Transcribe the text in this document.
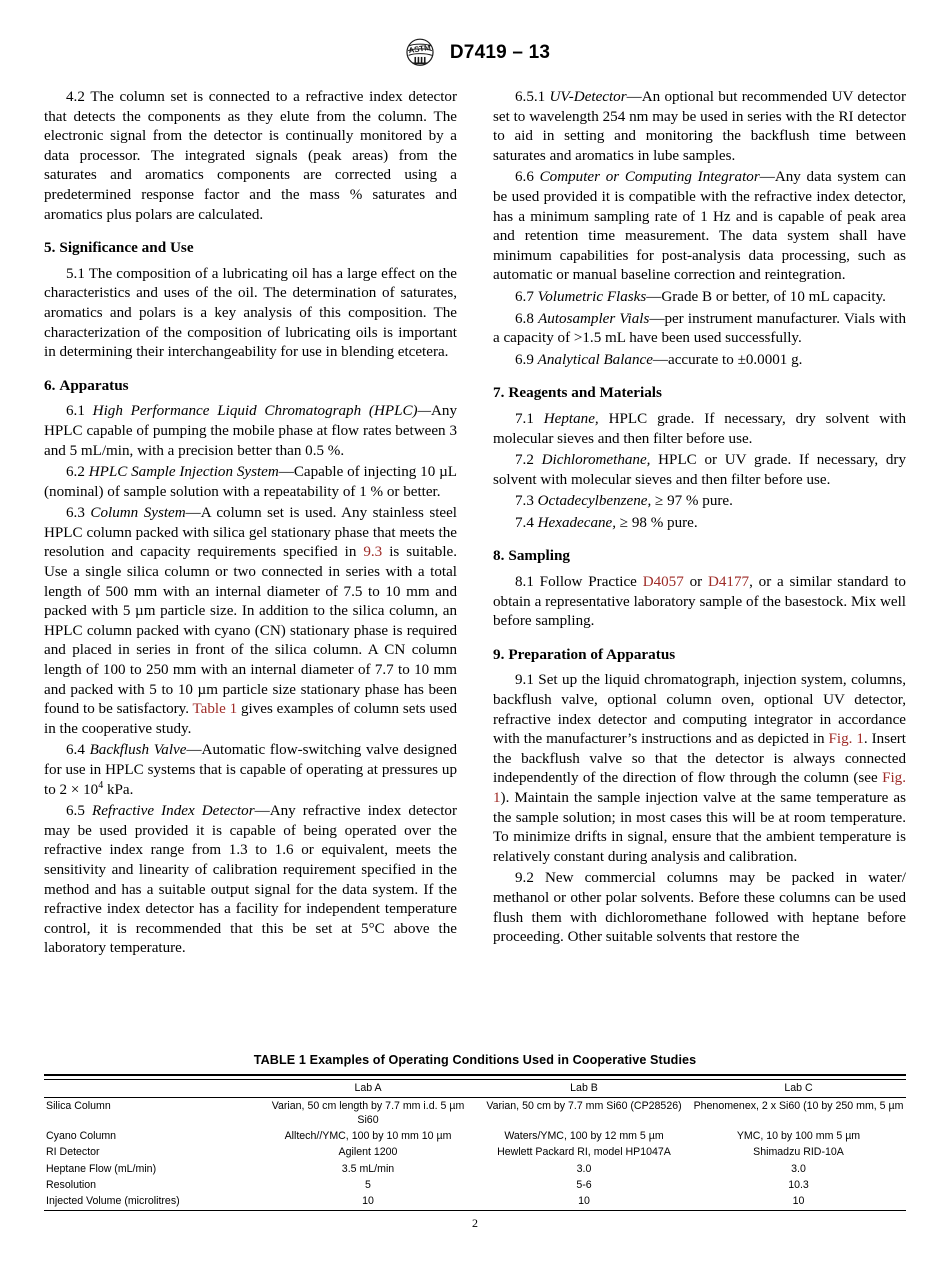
ASTM D7419 – 13

4.2 The column set is connected to a refractive index detector that detects the components as they elute from the column. The electronic signal from the detector is continually monitored by a data processor. The integrated signals (peak areas) from the saturates and aromatics components are corrected using a predetermined response factor and the mass % saturates and aromatics plus polars are calculated.

5. Significance and Use

5.1 The composition of a lubricating oil has a large effect on the characteristics and uses of the oil. The determination of saturates, aromatics and polars is a key analysis of this composition. The characterization of the composition of lubricating oils is important in determining their interchangeability for use in blending etcetera.

6. Apparatus

6.1 High Performance Liquid Chromatograph (HPLC)—Any HPLC capable of pumping the mobile phase at flow rates between 3 and 5 mL/min, with a precision better than 0.5 %.

6.2 HPLC Sample Injection System—Capable of injecting 10 µL (nominal) of sample solution with a repeatability of 1 % or better.

6.3 Column System—A column set is used. Any stainless steel HPLC column packed with silica gel stationary phase that meets the resolution and capacity requirements specified in 9.3 is suitable. Use a single silica column or two connected in series with a total length of 500 mm with an internal diameter of 7.5 to 10 mm and packed with 5 µm particle size. In addition to the silica column, an HPLC column packed with cyano (CN) stationary phase is required and placed in series in front of the silica column. A CN column length of 100 to 250 mm with an internal diameter of 7.7 to 10 mm and packed with 5 to 10 µm particle size stationary phase has been found to be satisfactory. Table 1 gives examples of column sets used in the cooperative study.

6.4 Backflush Valve—Automatic flow-switching valve designed for use in HPLC systems that is capable of operating at pressures up to $2 \times 10^4$ kPa.

6.5 Refractive Index Detector—Any refractive index detector may be used provided it is capable of being operated over the refractive index range from 1.3 to 1.6 or equivalent, meets the sensitivity and linearity of calibration requirement specified in the method and has a suitable output signal for the data system. If the refractive index detector has a facility for independent temperature control, it is recommended that this be set at 5°C above the laboratory temperature.

6.5.1 UV-Detector—An optional but recommended UV detector set to wavelength 254 nm may be used in series with the RI detector to aid in setting and monitoring the backflush time between saturates and aromatics in lube samples.

6.6 Computer or Computing Integrator—Any data system can be used provided it is compatible with the refractive index detector, has a minimum sampling rate of 1 Hz and is capable of peak area and retention time measurement. The data system shall have minimum capabilities for post-analysis data processing, such as automatic or manual baseline correction and reintegration.

6.7 Volumetric Flasks—Grade B or better, of 10 mL capacity.

6.8 Autosampler Vials—per instrument manufacturer. Vials with a capacity of >1.5 mL have been used successfully.

6.9 Analytical Balance—accurate to ±0.0001 g.

7. Reagents and Materials

7.1 Heptane, HPLC grade. If necessary, dry solvent with molecular sieves and then filter before use.

7.2 Dichloromethane, HPLC or UV grade. If necessary, dry solvent with molecular sieves and then filter before use.

7.3 Octadecylbenzene, ≥ 97 % pure.

7.4 Hexadecane, ≥ 98 % pure.

8. Sampling

8.1 Follow Practice D4057 or D4177, or a similar standard to obtain a representative laboratory sample of the basestock. Mix well before sampling.

9. Preparation of Apparatus

9.1 Set up the liquid chromatograph, injection system, columns, backflush valve, optional column oven, optional UV detector, refractive index detector and computing integrator in accordance with the manufacturer’s instructions and as depicted in Fig. 1. Insert the backflush valve so that the detector is always connected independently of the direction of flow through the column (see Fig. 1). Maintain the sample injection valve at the same temperature as the sample solution; in most cases this will be at room temperature. To minimize drifts in signal, ensure that the ambient temperature is relatively constant during analysis and calibration.

9.2 New commercial columns may be packed in water/ methanol or other polar solvents. Before these columns can be used flush them with dichloromethane followed with heptane before proceeding. Other suitable solvents that restore the

TABLE 1 Examples of Operating Conditions Used in Cooperative Studies

	Lab A	Lab B	Lab C
Silica Column	Varian, 50 cm length by 7.7 mm i.d. 5 µm Si60	Varian, 50 cm by 7.7 mm Si60 (CP28526)	Phenomenex, 2 x Si60 (10 by 250 mm, 5 µm
Cyano Column	Alltech//YMC, 100 by 10 mm 10 µm	Waters/YMC, 100 by 12 mm 5 µm	YMC, 10 by 100 mm 5 µm
RI Detector	Agilent 1200	Hewlett Packard RI, model HP1047A	Shimadzu RID-10A
Heptane Flow (mL/min)	3.5 mL/min	3.0	3.0
Resolution	5	5-6	10.3
Injected Volume (microlitres)	10	10	10
2
